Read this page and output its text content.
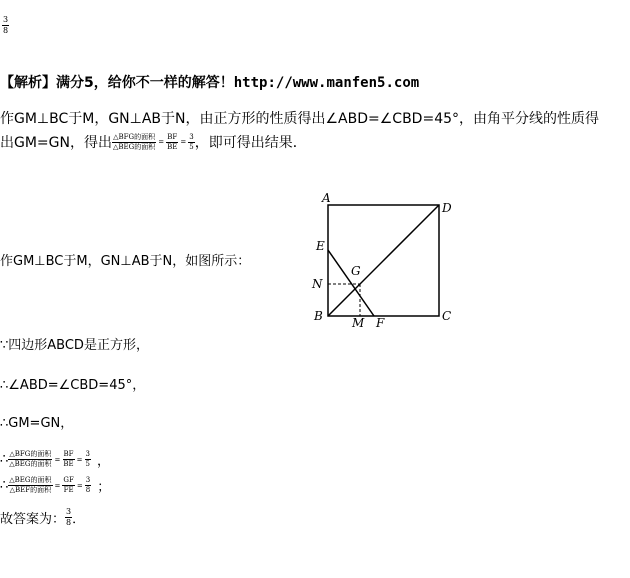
$\frac{3}{8}$
【解析】满分5，给你不一样的解答！http://www.manfen5.com
作GM⊥BC于M，GN⊥AB于N，由正方形的性质得出∠ABD=∠CBD=45°，由角平分线的性质得
出GM=GN，得出 $\frac{\text{△BFG的面积}}{\text{△BEG的面积}} = \frac{BF}{BE} = \frac{3}{5}$ ，即可得出结果．
A
D
E
G
N
B M F	C
作GM⊥BC于M，GN⊥AB于N，如图所示：
∵四边形ABCD是正方形，
∴∠ABD=∠CBD=45°，
∴GM=GN，
∴ $\frac{\text{△BFG的面积}}{\text{△BEG的面积}} = \frac{BF}{BE} = \frac{3}{5}$ ，
∴ $\frac{\text{△BEG的面积}}{\text{△BEF的面积}} = \frac{GF}{FE} = \frac{3}{8}$ ；
故答案为： $\frac{3}{8}$ ．
